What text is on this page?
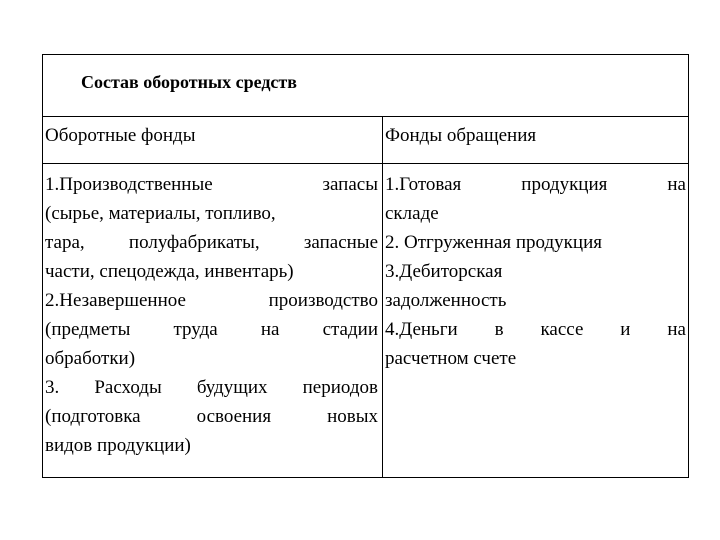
Состав оборотных средств
Оборотные фонды	Фонды обращения
1.Производственные запасы
(сырье, материалы, топливо,
тара, полуфабрикаты, запасные
части, спецодежда, инвентарь)
2.Незавершенное производство
(предметы труда на стадии
обработки)
3. Расходы будущих периодов
(подготовка освоения новых
видов продукции)
1.Готовая продукция на
складе
2. Отгруженная продукция
3.Дебиторская
задолженность
4.Деньги в кассе и на
расчетном счете
